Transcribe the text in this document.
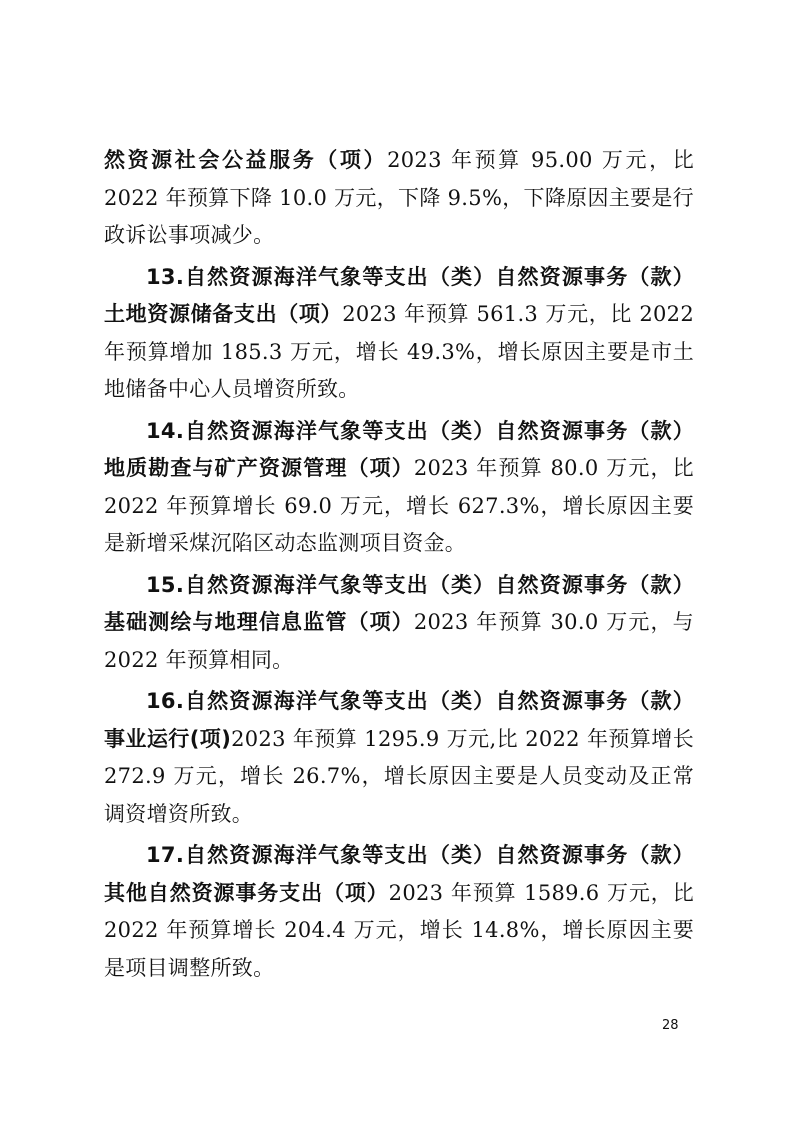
然资源社会公益服务（项）2023 年预算 95.00 万元，比 2022 年预算下降 10.0 万元，下降 9.5%，下降原因主要是行政诉讼事项减少。

13.自然资源海洋气象等支出（类）自然资源事务（款）土地资源储备支出（项）2023 年预算 561.3 万元，比 2022 年预算增加 185.3 万元，增长 49.3%，增长原因主要是市土地储备中心人员增资所致。

14.自然资源海洋气象等支出（类）自然资源事务（款）地质勘查与矿产资源管理（项）2023 年预算 80.0 万元，比 2022 年预算增长 69.0 万元，增长 627.3%，增长原因主要是新增采煤沉陷区动态监测项目资金。

15.自然资源海洋气象等支出（类）自然资源事务（款）基础测绘与地理信息监管（项）2023 年预算 30.0 万元，与 2022 年预算相同。

16.自然资源海洋气象等支出（类）自然资源事务（款）事业运行(项)2023 年预算 1295.9 万元,比 2022 年预算增长 272.9 万元，增长 26.7%，增长原因主要是人员变动及正常调资增资所致。

17.自然资源海洋气象等支出（类）自然资源事务（款）其他自然资源事务支出（项）2023 年预算 1589.6 万元，比 2022 年预算增长 204.4 万元，增长 14.8%，增长原因主要是项目调整所致。

28
